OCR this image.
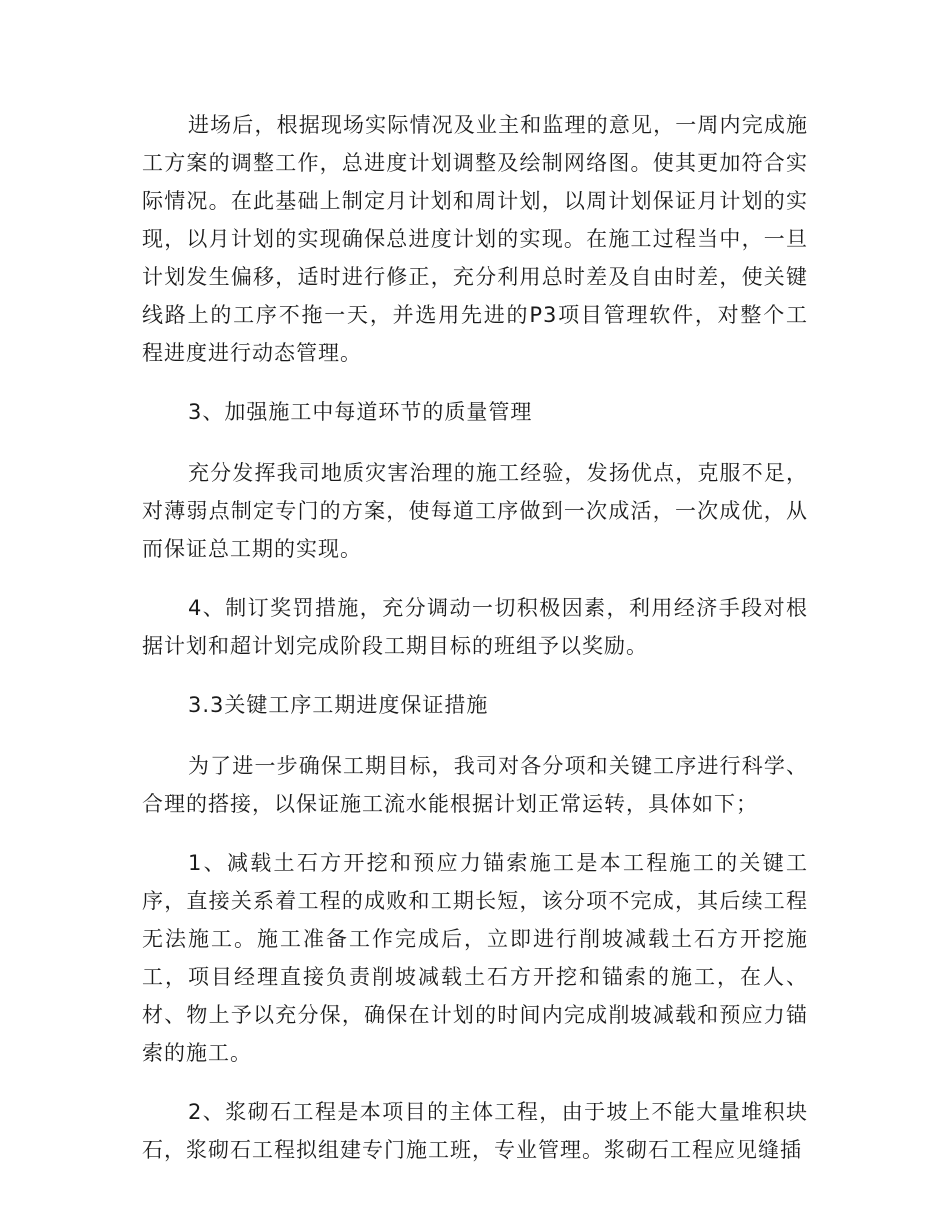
进场后，根据现场实际情况及业主和监理的意见，一周内完成施工方案的调整工作，总进度计划调整及绘制网络图。使其更加符合实际情况。在此基础上制定月计划和周计划，以周计划保证月计划的实现，以月计划的实现确保总进度计划的实现。在施工过程当中，一旦计划发生偏移，适时进行修正，充分利用总时差及自由时差，使关键线路上的工序不拖一天，并选用先进的P3项目管理软件，对整个工程进度进行动态管理。

3、加强施工中每道环节的质量管理

充分发挥我司地质灾害治理的施工经验，发扬优点，克服不足，对薄弱点制定专门的方案，使每道工序做到一次成活，一次成优，从而保证总工期的实现。

4、制订奖罚措施，充分调动一切积极因素，利用经济手段对根据计划和超计划完成阶段工期目标的班组予以奖励。

3.3关键工序工期进度保证措施

为了进一步确保工期目标，我司对各分项和关键工序进行科学、合理的搭接，以保证施工流水能根据计划正常运转，具体如下；

1、减载土石方开挖和预应力锚索施工是本工程施工的关键工序，直接关系着工程的成败和工期长短，该分项不完成，其后续工程无法施工。施工准备工作完成后，立即进行削坡减载土石方开挖施工，项目经理直接负责削坡减载土石方开挖和锚索的施工，在人、材、物上予以充分保，确保在计划的时间内完成削坡减载和预应力锚索的施工。

2、浆砌石工程是本项目的主体工程，由于坡上不能大量堆积块石，浆砌石工程拟组建专门施工班，专业管理。浆砌石工程应见缝插
